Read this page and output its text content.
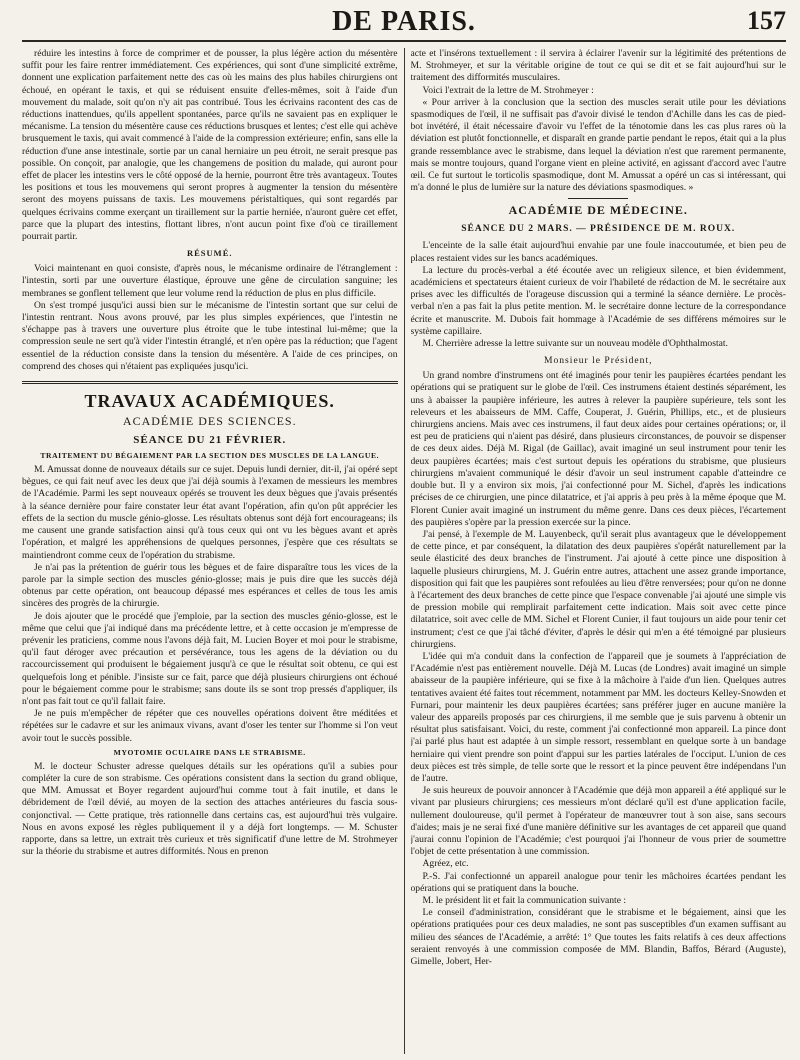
DE PARIS.	157

réduire les intestins à force de comprimer et de pousser, la plus légère action du mésentère suffit pour les faire rentrer immédiatement. Ces expériences, qui sont d'une simplicité extrême, donnent une explication parfaitement nette des cas où les mains des plus habiles chirurgiens ont échoué, en opérant le taxis, et qui se réduisent ensuite d'elles-mêmes, soit à l'aide d'un mouvement du malade, soit qu'on n'y ait pas contribué. Tous les écrivains racontent des cas de réductions inattendues, qu'ils appellent spontanées, parce qu'ils ne savaient pas en expliquer le mécanisme. La tension du mésentère cause ces réductions brusques et lentes; c'est elle qui achève brusquement le taxis, qui avait commencé à l'aide de la compression extérieure; enfin, sans elle la réduction d'une anse intestinale, sortie par un canal herniaire un peu étroit, ne serait presque pas possible. On conçoit, par analogie, que les changemens de position du malade, qui auront pour effet de placer les intestins vers le côté opposé de la hernie, pourront être très avantageux. Toutes les positions et tous les mouvemens qui seront propres à augmenter la tension du mésentère seront des moyens puissans de taxis. Les mouvemens péristaltiques, qui sont regardés par quelques écrivains comme exerçant un tiraillement sur la partie herniée, n'auront guère cet effet, parce que la plupart des intestins, flottant libres, n'ont aucun point fixe d'où ce tiraillement pourrait partir.

RÉSUMÉ.

Voici maintenant en quoi consiste, d'après nous, le mécanisme ordinaire de l'étranglement : l'intestin, sorti par une ouverture élastique, éprouve une gêne de circulation sanguine; les membranes se gonflent tellement que leur volume rend la réduction de plus en plus difficile.

On s'est trompé jusqu'ici aussi bien sur le mécanisme de l'intestin sortant que sur celui de l'intestin rentrant. Nous avons prouvé, par les plus simples expériences, que l'intestin ne s'échappe pas à travers une ouverture plus étroite que le tube intestinal lui-même; que la compression seule ne sert qu'à vider l'intestin étranglé, et n'en opère pas la réduction; que l'agent essentiel de la réduction consiste dans la tension du mésentère. A l'aide de ces principes, on comprend des choses qui n'étaient pas expliquées jusqu'ici.

TRAVAUX ACADÉMIQUES.
ACADÉMIE DES SCIENCES.
SÉANCE DU 21 FÉVRIER.
TRAITEMENT DU BÉGAIEMENT PAR LA SECTION DES MUSCLES DE LA LANGUE.

M. Amussat donne de nouveaux détails sur ce sujet. Depuis lundi dernier, dit-il, j'ai opéré sept bègues, ce qui fait neuf avec les deux que j'ai déjà soumis à l'examen de messieurs les membres de l'Académie. Parmi les sept nouveaux opérés se trouvent les deux bègues que j'avais présentés à la séance dernière pour faire constater leur état avant l'opération, afin qu'on pût apprécier les effets de la section du muscle génio-glosse. Les résultats obtenus sont déjà fort encourageans; ils me causent une grande satisfaction ainsi qu'à tous ceux qui ont vu les bègues avant et après l'opération, et malgré les appréhensions de quelques personnes, j'espère que ces résultats se maintiendront comme ceux de l'opération du strabisme.

Je n'ai pas la prétention de guérir tous les bègues et de faire disparaître tous les vices de la parole par la simple section des muscles génio-glosse; mais je puis dire que les succès déjà obtenus par cette opération, ont beaucoup dépassé mes espérances et celles de tous les amis sincères des progrès de la chirurgie.

Je dois ajouter que le procédé que j'emploie, par la section des muscles génio-glosse, est le même que celui que j'ai indiqué dans ma précédente lettre, et à cette occasion je m'empresse de prévenir les praticiens, comme nous l'avons déjà fait, M. Lucien Boyer et moi pour le strabisme, qu'il faut déroger avec précaution et persévérance, tous les agens de la déviation ou du raccourcissement qui produisent le bégaiement jusqu'à ce que le résultat soit obtenu, ce qui est quelquefois long et pénible. J'insiste sur ce fait, parce que déjà plusieurs chirurgiens ont échoué pour le bégaiement comme pour le strabisme; sans doute ils se sont trop pressés d'appliquer, ils n'ont pas fait tout ce qu'il fallait faire.

Je ne puis m'empêcher de répéter que ces nouvelles opérations doivent être méditées et répétées sur le cadavre et sur les animaux vivans, avant d'oser les tenter sur l'homme si l'on veut avoir tout le succès possible.

MYOTOMIE OCULAIRE DANS LE STRABISME.

M. le docteur Schuster adresse quelques détails sur les opérations qu'il a subies pour compléter la cure de son strabisme. Ces opérations consistent dans la section du grand oblique, que MM. Amussat et Boyer regardent aujourd'hui comme tout à fait inutile, et dans le débridement de l'œil dévié, au moyen de la section des attaches antérieures du fascia sous-conjonctival. — Cette pratique, très rationnelle dans certains cas, est aujourd'hui très vulgaire. Nous en avons exposé les règles publiquement il y a déjà fort longtemps. — M. Schuster rapporte, dans sa lettre, un extrait très curieux et très significatif d'une lettre de M. Strohmeyer sur la théorie du strabisme et autres difformités. Nous en prenon

acte et l'insérons textuellement : il servira à éclairer l'avenir sur la légitimité des prétentions de M. Strohmeyer, et sur la véritable origine de tout ce qui se dit et se fait aujourd'hui sur le traitement des difformités musculaires.

Voici l'extrait de la lettre de M. Strohmeyer :

« Pour arriver à la conclusion que la section des muscles serait utile pour les déviations spasmodiques de l'œil, il ne suffisait pas d'avoir divisé le tendon d'Achille dans les cas de pied-bot invétéré, il était nécessaire d'avoir vu l'effet de la ténotomie dans les cas plus rares où la déviation est plutôt fonctionnelle, et disparaît en grande partie pendant le repos, était qui a la plus grande ressemblance avec le strabisme, dans lequel la déviation n'est que rarement permanente, mais se montre toujours, quand l'organe vient en pleine activité, en agissant d'accord avec l'autre œil. Ce fut surtout le torticolis spasmodique, dont M. Amussat a opéré un cas si intéressant, qui m'a donné le plus de lumière sur la nature des déviations spasmodiques. »

ACADÉMIE DE MÉDECINE.
SÉANCE DU 2 MARS. — PRÉSIDENCE DE M. ROUX.

L'enceinte de la salle était aujourd'hui envahie par une foule inaccoutumée, et bien peu de places restaient vides sur les bancs académiques.

La lecture du procès-verbal a été écoutée avec un religieux silence, et bien évidemment, académiciens et spectateurs étaient curieux de voir l'habileté de rédaction de M. le secrétaire aux prises avec les difficultés de l'orageuse discussion qui a terminé la séance dernière. Le procès-verbal n'en a pas fait la plus petite mention. M. le secrétaire donne lecture de la correspondance écrite et manuscrite. M. Dubois fait hommage à l'Académie de ses différens mémoires sur le système capillaire.

M. Cherrière adresse la lettre suivante sur un nouveau modèle d'Ophthalmostat.

Monsieur le Président,

Un grand nombre d'instrumens ont été imaginés pour tenir les paupières écartées pendant les opérations qui se pratiquent sur le globe de l'œil. Ces instrumens étaient destinés séparément, les uns à abaisser la paupière inférieure, les autres à relever la paupière supérieure, tels sont les releveurs et les abaisseurs de MM. Caffe, Couperat, J. Guérin, Phillips, etc., et de plusieurs chirurgiens anciens. Mais avec ces instrumens, il faut deux aides pour certaines opérations; or, il est peu de praticiens qui n'aient pas désiré, dans plusieurs circonstances, de pouvoir se dispenser de ces deux aides. Déjà M. Rigal (de Gaillac), avait imaginé un seul instrument pour tenir les deux paupières écartées; mais c'est surtout depuis les opérations du strabisme, que plusieurs chirurgiens m'avaient communiqué le désir d'avoir un seul instrument capable d'atteindre ce double but. Il y a environ six mois, j'ai confectionné pour M. Sichel, d'après les indications précises de ce chirurgien, une pince dilatatrice, et j'ai appris à peu près à la même époque que M. Florent Cunier avait imaginé un instrument du même genre. Dans ces deux pièces, l'écartement des paupières s'opère par la pression exercée sur la pince.

J'ai pensé, à l'exemple de M. Lauyenbeck, qu'il serait plus avantageux que le développement de cette pince, et par conséquent, la dilatation des deux paupières s'opérât naturellement par la seule élasticité des deux branches de l'instrument. J'ai ajouté à cette pince une disposition à laquelle plusieurs chirurgiens, M. J. Guérin entre autres, attachent une assez grande importance, disposition qui fait que les paupières sont refoulées au lieu d'être renversées; pour qu'on ne donne à l'écartement des deux branches de cette pince que l'espace convenable j'ai ajouté une simple vis de pression mobile qui remplirait parfaitement cette indication. Mais soit avec cette pince dilatatrice, soit avec celle de MM. Sichel et Florent Cunier, il faut toujours un aide pour tenir cet instrument; c'est ce que j'ai tâché d'éviter, d'après le désir qui m'en a été témoigné par plusieurs chirurgiens.

L'idée qui m'a conduit dans la confection de l'appareil que je soumets à l'appréciation de l'Académie n'est pas entièrement nouvelle. Déjà M. Lucas (de Londres) avait imaginé un simple abaisseur de la paupière inférieure, qui se fixe à la mâchoire à l'aide d'un lien. Quelques autres tentatives avaient été faites tout récemment, notamment par MM. les docteurs Kelley-Snowden et Furnari, pour maintenir les deux paupières écartées; sans préférer juger en aucune manière la valeur des appareils proposés par ces chirurgiens, il me semble que je suis parvenu à obtenir un résultat plus satisfaisant. Voici, du reste, comment j'ai confectionné mon appareil. La pince dont j'ai parlé plus haut est adaptée à un simple ressort, ressemblant en quelque sorte à un bandage herniaire qui vient prendre son point d'appui sur les parties latérales de l'occiput. L'union de ces deux pièces est très simple, de telle sorte que le ressort et la pince peuvent être indépendans l'un de l'autre.

Je suis heureux de pouvoir annoncer à l'Académie que déjà mon appareil a été appliqué sur le vivant par plusieurs chirurgiens; ces messieurs m'ont déclaré qu'il est d'une application facile, nullement douloureuse, qu'il permet à l'opérateur de manœuvrer tout à son aise, sans secours d'aides; mais je ne serai fixé d'une manière définitive sur les avantages de cet appareil que quand j'aurai connu l'opinion de l'Académie; c'est pourquoi j'ai l'honneur de vous prier de soumettre l'objet de cette présentation à une commission.

Agréez, etc.

P.-S. J'ai confectionné un appareil analogue pour tenir les mâchoires écartées pendant les opérations qui se pratiquent dans la bouche.

M. le président lit et fait la communication suivante :

Le conseil d'administration, considérant que le strabisme et le bégaiement, ainsi que les opérations pratiquées pour ces deux maladies, ne sont pas susceptibles d'un examen suffisant au milieu des séances de l'Académie, a arrêté: 1° Que toutes les faits relatifs à ces deux affections seraient renvoyés à une commission composée de MM. Blandin, Baffos, Bérard (Auguste), Gimelle, Jobert, Her-
